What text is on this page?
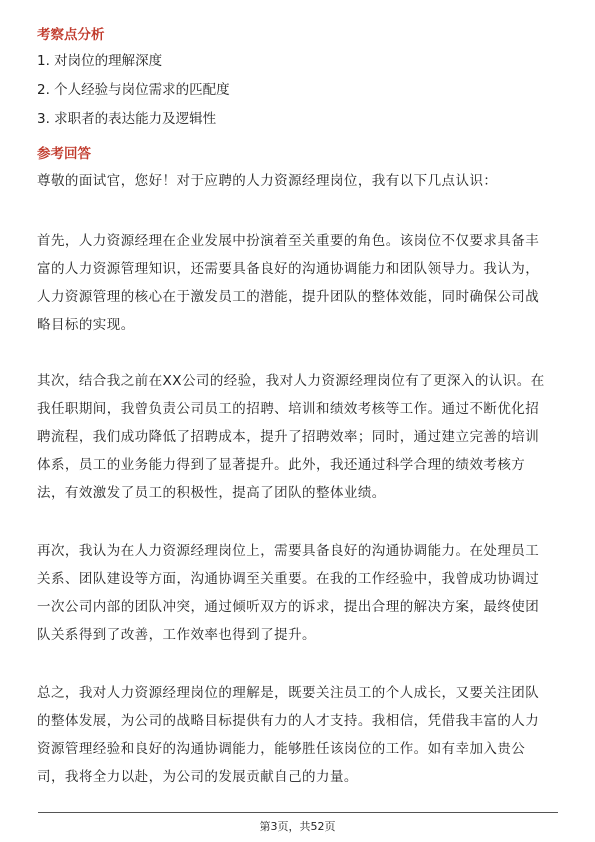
考察点分析
1. 对岗位的理解深度
2. 个人经验与岗位需求的匹配度
3. 求职者的表达能力及逻辑性
参考回答

尊敬的面试官，您好！对于应聘的人力资源经理岗位，我有以下几点认识：

首先，人力资源经理在企业发展中扮演着至关重要的角色。该岗位不仅要求具备丰
富的人力资源管理知识，还需要具备良好的沟通协调能力和团队领导力。我认为，
人力资源管理的核心在于激发员工的潜能，提升团队的整体效能，同时确保公司战
略目标的实现。

其次，结合我之前在XX公司的经验，我对人力资源经理岗位有了更深入的认识。在
我任职期间，我曾负责公司员工的招聘、培训和绩效考核等工作。通过不断优化招
聘流程，我们成功降低了招聘成本，提升了招聘效率；同时，通过建立完善的培训
体系，员工的业务能力得到了显著提升。此外，我还通过科学合理的绩效考核方
法，有效激发了员工的积极性，提高了团队的整体业绩。

再次，我认为在人力资源经理岗位上，需要具备良好的沟通协调能力。在处理员工
关系、团队建设等方面，沟通协调至关重要。在我的工作经验中，我曾成功协调过
一次公司内部的团队冲突，通过倾听双方的诉求，提出合理的解决方案，最终使团
队关系得到了改善，工作效率也得到了提升。

总之，我对人力资源经理岗位的理解是，既要关注员工的个人成长，又要关注团队
的整体发展，为公司的战略目标提供有力的人才支持。我相信，凭借我丰富的人力
资源管理经验和良好的沟通协调能力，能够胜任该岗位的工作。如有幸加入贵公
司，我将全力以赴，为公司的发展贡献自己的力量。

第3页，共52页
